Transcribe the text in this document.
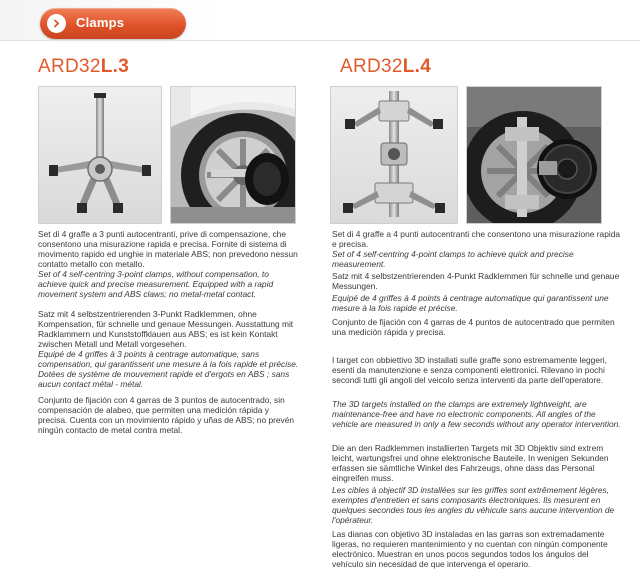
Clamps
ARD32L.3

Set di 4 graffe a 3 punti autocentranti, prive di compensazione, che consentono una misurazione rapida e precisa. Fornite di sistema di movimento rapido ed unghie in materiale ABS; non prevedono nessun contatto metallo con metallo.

Set of 4 self-centring 3-point clamps, without compensation, to achieve quick and precise measurement. Equipped with a rapid movement system and ABS claws; no metal-metal contact.

Satz mit 4 selbstzentrierenden 3-Punkt Radklemmen, ohne Kompensation, für schnelle und genaue Messungen. Ausstattung mit Radklammern und Kunststoffklauen aus ABS; es ist kein Kontakt zwischen Metall und Metall vorgesehen.

Equipé de 4 griffes à 3 points à centrage automatique, sans compensation, qui garantissent une mesure à la fois rapide et précise. Dotées de système de mouvement rapide et d'ergots en ABS ; sans aucun contact métal - métal.

Conjunto de fijación con 4 garras de 3 puntos de autocentrado, sin compensación de alabeo, que permiten una medición rápida y precisa. Cuenta con un movimiento rápido y uñas de ABS; no prevén ningún contacto de metal contra metal.

ARD32L.4

Set di 4 graffe a 4 punti autocentranti che consentono una misurazione rapida e precisa.

Set of 4 self-centring 4-point clamps to achieve quick and precise measurement.

Satz mit 4 selbstzentrierenden 4-Punkt Radklemmen für schnelle und genaue Messungen.

Equipé de 4 griffes à 4 points à centrage automatique qui garantissent une mesure à la fois rapide et précise.

Conjunto de fijación con 4 garras de 4 puntos de autocentrado que permiten una medición rápida y precisa.

I target con obbiettivo 3D installati sulle graffe sono estremamente leggeri, esenti da manutenzione e senza componenti elettronici. Rilevano in pochi secondi tutti gli angoli del veicolo senza interventi da parte dell'operatore.

The 3D targets installed on the clamps are extremely lightweight, are maintenance-free and have no electronic components. All angles of the vehicle are measured in only a few seconds without any operator intervention.

Die an den Radklemmen installierten Targets mit 3D Objektiv sind extrem leicht, wartungsfrei und ohne elektronische Bauteile. In wenigen Sekunden erfassen sie sämtliche Winkel des Fahrzeugs, ohne dass das Personal eingreifen muss.

Les cibles à objectif 3D installées sur les griffes sont extrêmement légères, exemptes d'entretien et sans composants électroniques. Ils mesurent en quelques secondes tous les angles du véhicule sans aucune intervention de l'opérateur.

Las dianas con objetivo 3D instaladas en las garras son extremadamente ligeras, no requieren mantenimiento y no cuentan con ningún componente electrónico. Muestran en unos pocos segundos todos los ángulos del vehículo sin necesidad de que intervenga el operario.
